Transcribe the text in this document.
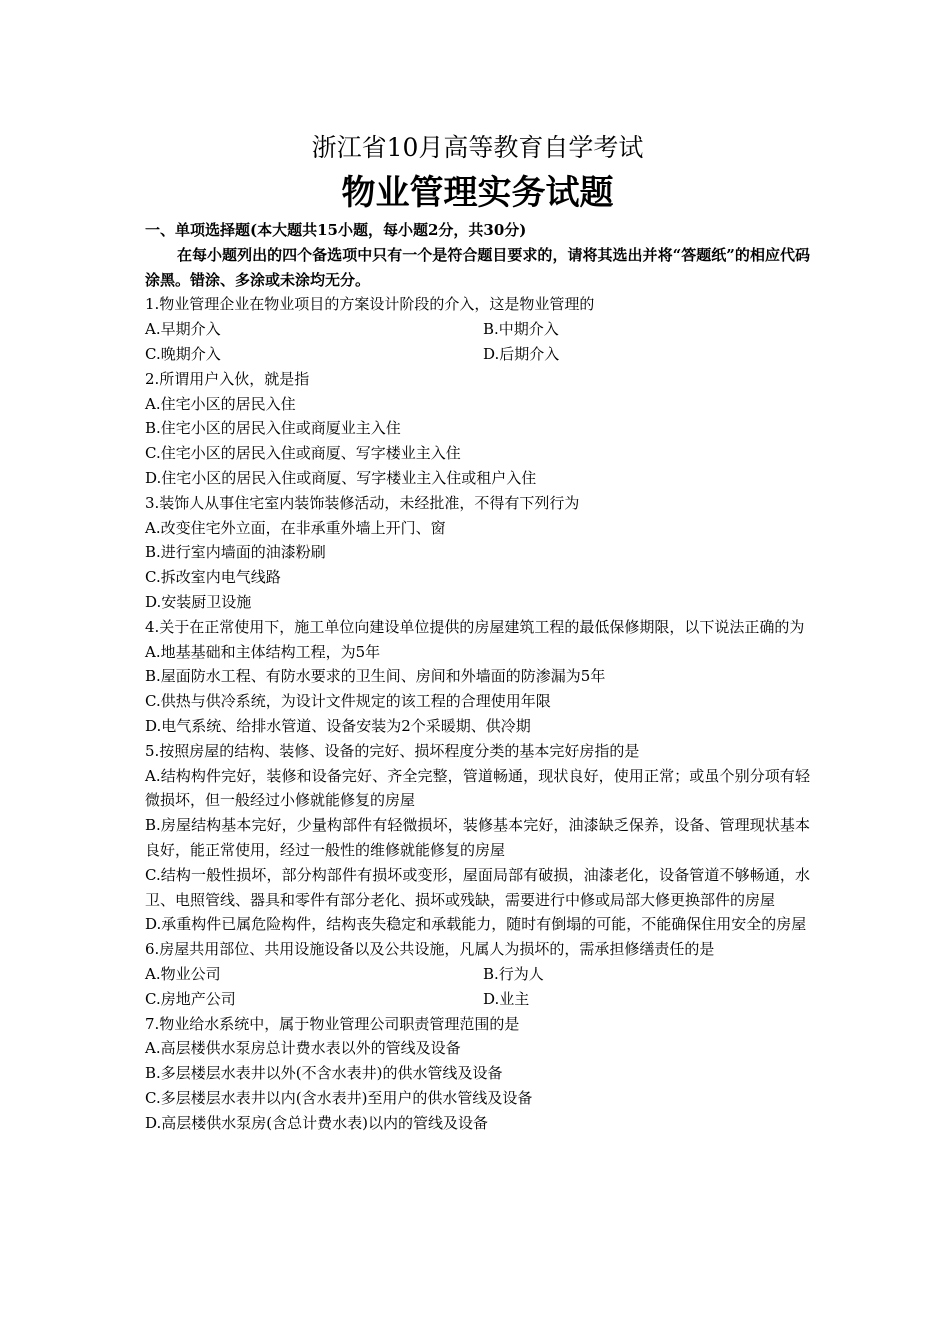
浙江省10月高等教育自学考试
物业管理实务试题
一、单项选择题(本大题共15小题，每小题2分，共30分)
在每小题列出的四个备选项中只有一个是符合题目要求的，请将其选出并将“答题纸”的相应代码涂黑。错涂、多涂或未涂均无分。
1.物业管理企业在物业项目的方案设计阶段的介入，这是物业管理的
A.早期介入	B.中期介入
C.晚期介入	D.后期介入
2.所谓用户入伙，就是指
A.住宅小区的居民入住
B.住宅小区的居民入住或商厦业主入住
C.住宅小区的居民入住或商厦、写字楼业主入住
D.住宅小区的居民入住或商厦、写字楼业主入住或租户入住
3.装饰人从事住宅室内装饰装修活动，未经批准，不得有下列行为
A.改变住宅外立面，在非承重外墙上开门、窗
B.进行室内墙面的油漆粉刷
C.拆改室内电气线路
D.安装厨卫设施
4.关于在正常使用下，施工单位向建设单位提供的房屋建筑工程的最低保修期限，以下说法正确的为
A.地基基础和主体结构工程，为5年
B.屋面防水工程、有防水要求的卫生间、房间和外墙面的防渗漏为5年
C.供热与供冷系统，为设计文件规定的该工程的合理使用年限
D.电气系统、给排水管道、设备安装为2个采暖期、供冷期
5.按照房屋的结构、装修、设备的完好、损坏程度分类的基本完好房指的是
A.结构构件完好，装修和设备完好、齐全完整，管道畅通，现状良好，使用正常；或虽个别分项有轻微损坏，但一般经过小修就能修复的房屋
B.房屋结构基本完好，少量构部件有轻微损坏，装修基本完好，油漆缺乏保养，设备、管理现状基本良好，能正常使用，经过一般性的维修就能修复的房屋
C.结构一般性损坏，部分构部件有损坏或变形，屋面局部有破损，油漆老化，设备管道不够畅通，水卫、电照管线、器具和零件有部分老化、损坏或残缺，需要进行中修或局部大修更换部件的房屋
D.承重构件已属危险构件，结构丧失稳定和承载能力，随时有倒塌的可能，不能确保住用安全的房屋
6.房屋共用部位、共用设施设备以及公共设施，凡属人为损坏的，需承担修缮责任的是
A.物业公司	B.行为人
C.房地产公司	D.业主
7.物业给水系统中，属于物业管理公司职责管理范围的是
A.高层楼供水泵房总计费水表以外的管线及设备
B.多层楼层水表井以外(不含水表井)的供水管线及设备
C.多层楼层水表井以内(含水表井)至用户的供水管线及设备
D.高层楼供水泵房(含总计费水表)以内的管线及设备
